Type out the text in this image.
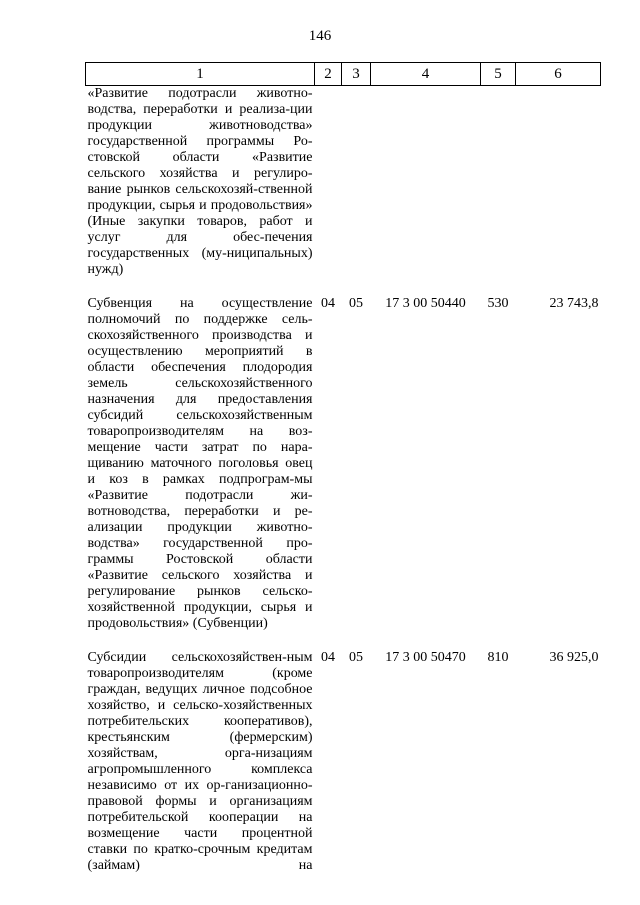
146
1	2	3	4	5	6
«Развитие подотрасли животно-водства, переработки и реализа-ции продукции животноводства» государственной программы Ро-стовской области «Развитие сельского хозяйства и регулиро-вание рынков сельскохозяй-ственной продукции, сырья и продовольствия» (Иные закупки товаров, работ и услуг для обес-печения государственных (му-ниципальных) нужд)					
Субвенция на осуществление полномочий по поддержке сель-скохозяйственного производства и осуществлению мероприятий в области обеспечения плодородия земель сельскохозяйственного назначения для предоставления субсидий сельскохозяйственным товаропроизводителям на воз-мещение части затрат по нара-щиванию маточного поголовья овец и коз в рамках подпрограм-мы «Развитие подотрасли жи-вотноводства, переработки и ре-ализации продукции животно-водства» государственной про-граммы Ростовской области «Развитие сельского хозяйства и регулирование рынков сельско-хозяйственной продукции, сырья и продовольствия» (Субвенции)	04	05	17 3 00 50440	530	23 743,8
Субсидии сельскохозяйствен-ным товаропроизводителям (кроме граждан, ведущих личное подсобное хозяйство, и сельско-хозяйственных потребительских кооперативов), крестьянским (фермерским) хозяйствам, орга-низациям агропромышленного комплекса независимо от их ор-ганизационно-правовой формы и организациям потребительской кооперации на возмещение части процентной ставки по кратко-срочным кредитам (займам) на	04	05	17 3 00 50470	810	36 925,0
